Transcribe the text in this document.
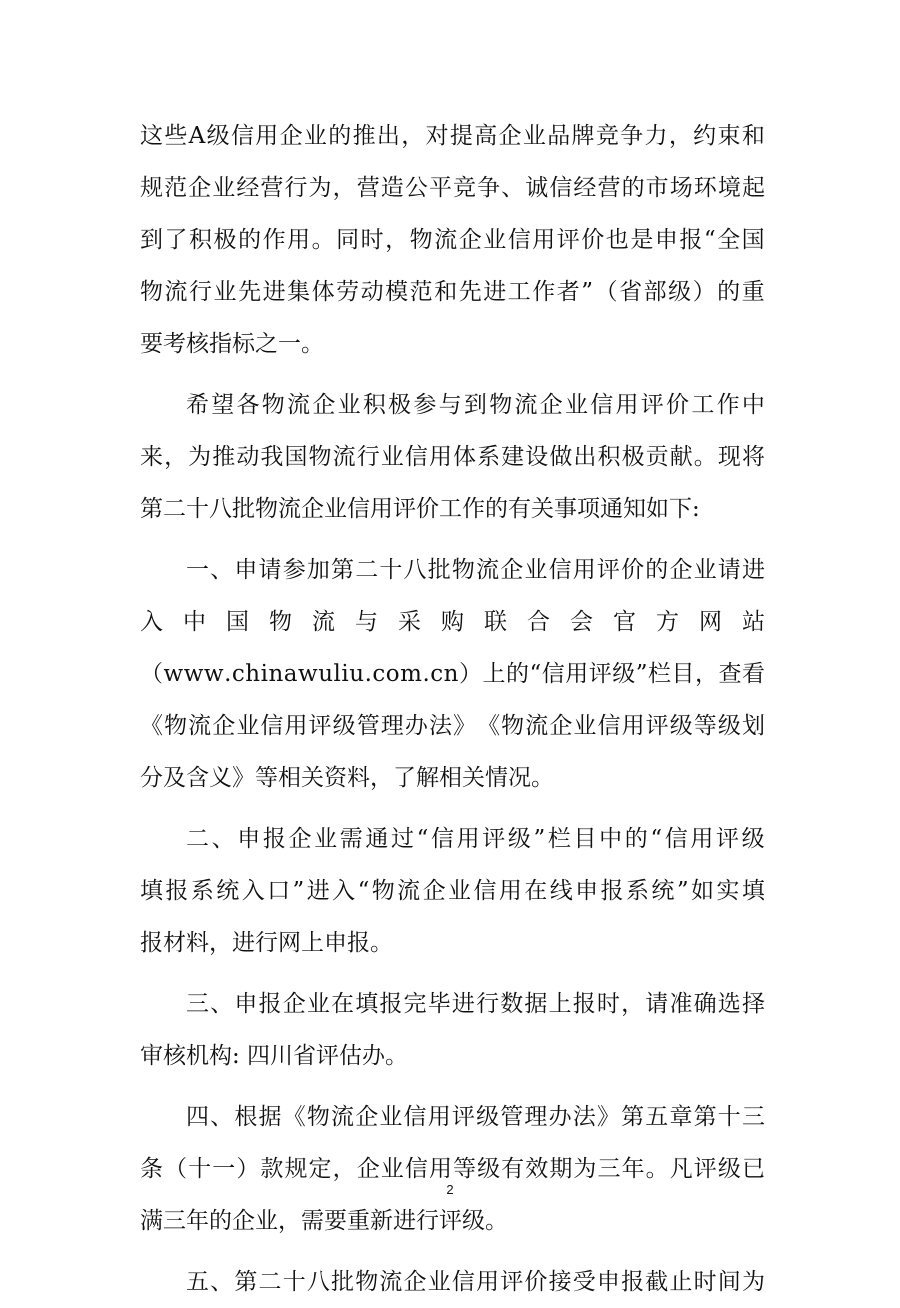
这 些 A 级 信 用 企 业 的 推 出 ， 对 提 高 企 业 品 牌 竞 争 力 ， 约 束 和
规 范 企 业 经 营 行 为 ， 营 造 公 平 竞 争 、 诚 信 经 营 的 市 场 环 境 起
到 了 积 极 的 作 用 。 同 时 ， 物 流 企 业 信 用 评 价 也 是 申 报 “ 全 国
物 流 行 业 先 进 集 体 劳 动 模 范 和 先 进 工 作 者 ” （ 省 部 级 ） 的 重
要考核指标之一。
希 望 各 物 流 企 业 积 极 参 与 到 物 流 企 业 信 用 评 价 工 作 中
来 ， 为 推 动 我 国 物 流 行 业 信 用 体 系 建 设 做 出 积 极 贡 献 。 现 将
第二十八批物流企业信用评价工作的有关事项通知如下:
一 、 申 请 参 加 第 二 十 八 批 物 流 企 业 信 用 评 价 的 企 业 请 进
入 中 国 物 流 与 采 购 联 合 会 官 方 网 站
（ w w w . c h i n a w u l i u . c o m . c n ） 上 的 “ 信 用 评 级 ” 栏 目 ， 查 看
《 物 流 企 业 信 用 评 级 管 理 办 法 》 《 物 流 企 业 信 用 评 级 等 级 划
分及含义》等相关资料，了解相关情况。
二 、 申 报 企 业 需 通 过 “ 信 用 评 级 ” 栏 目 中 的 “ 信 用 评 级
填 报 系 统 入 口 ” 进 入 “ 物 流 企 业 信 用 在 线 申 报 系 统 ” 如 实 填
报材料，进行网上申报。
三 、 申 报 企 业 在 填 报 完 毕 进 行 数 据 上 报 时 ， 请 准 确 选 择
审核机构: 四川省评估办。
四 、 根 据 《 物 流 企 业 信 用 评 级 管 理 办 法 》 第 五 章 第 十 三
条 （ 十 一 ） 款 规 定 ， 企 业 信 用 等 级 有 效 期 为 三 年 。 凡 评 级 已
满三年的企业，需要重新进行评级。
五 、 第 二 十 八 批 物 流 企 业 信 用 评 价 接 受 申 报 截 止 时 间 为
2
